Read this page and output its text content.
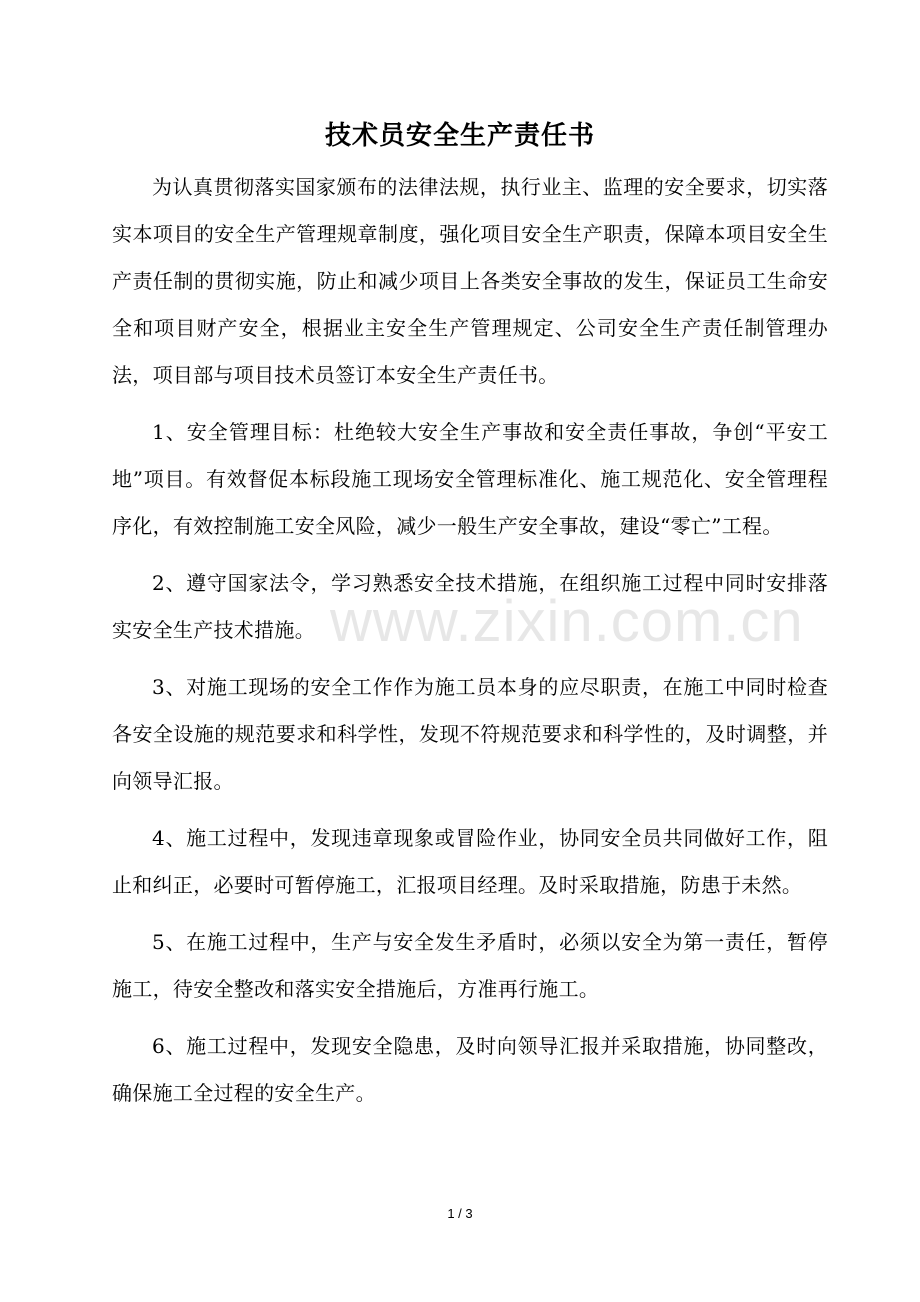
技术员安全生产责任书

为认真贯彻落实国家颁布的法律法规，执行业主、监理的安全要求，切实落实本项目的安全生产管理规章制度，强化项目安全生产职责，保障本项目安全生产责任制的贯彻实施，防止和减少项目上各类安全事故的发生，保证员工生命安全和项目财产安全，根据业主安全生产管理规定、公司安全生产责任制管理办法，项目部与项目技术员签订本安全生产责任书。

1、安全管理目标：杜绝较大安全生产事故和安全责任事故，争创“平安工地”项目。有效督促本标段施工现场安全管理标准化、施工规范化、安全管理程序化，有效控制施工安全风险，减少一般生产安全事故，建设“零亡”工程。

2、遵守国家法令，学习熟悉安全技术措施，在组织施工过程中同时安排落实安全生产技术措施。

3、对施工现场的安全工作作为施工员本身的应尽职责，在施工中同时检查各安全设施的规范要求和科学性，发现不符规范要求和科学性的，及时调整，并向领导汇报。

4、施工过程中，发现违章现象或冒险作业，协同安全员共同做好工作，阻止和纠正，必要时可暂停施工，汇报项目经理。及时采取措施，防患于未然。

5、在施工过程中，生产与安全发生矛盾时，必须以安全为第一责任，暂停施工，待安全整改和落实安全措施后，方准再行施工。

6、施工过程中，发现安全隐患，及时向领导汇报并采取措施，协同整改，确保施工全过程的安全生产。

www.zixin.com.cn
1 / 3
